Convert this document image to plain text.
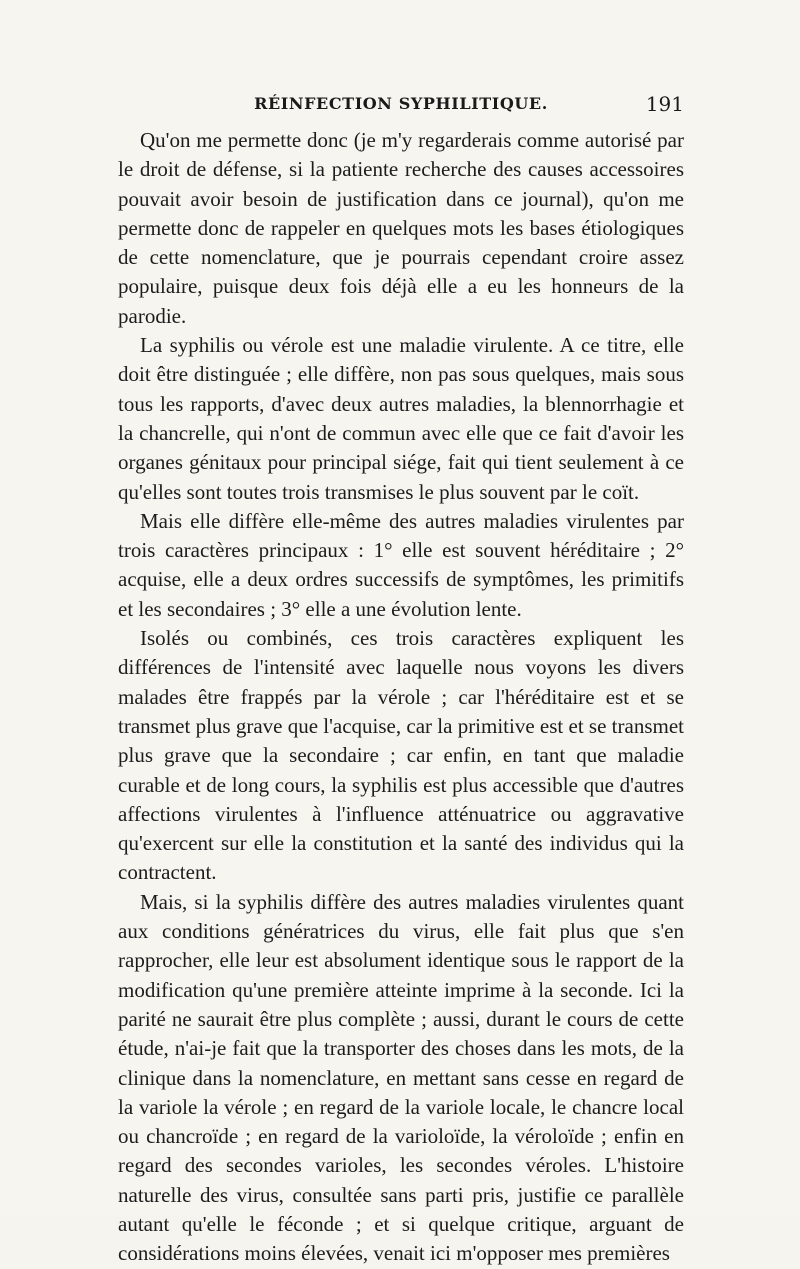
RÉINFECTION SYPHILITIQUE.	191

Qu'on me permette donc (je m'y regarderais comme autorisé par le droit de défense, si la patiente recherche des causes accessoires pouvait avoir besoin de justification dans ce journal), qu'on me permette donc de rappeler en quelques mots les bases étiologiques de cette nomenclature, que je pourrais cependant croire assez populaire, puisque deux fois déjà elle a eu les honneurs de la parodie.

La syphilis ou vérole est une maladie virulente. A ce titre, elle doit être distinguée ; elle diffère, non pas sous quelques, mais sous tous les rapports, d'avec deux autres maladies, la blennorrhagie et la chancrelle, qui n'ont de commun avec elle que ce fait d'avoir les organes génitaux pour principal siége, fait qui tient seulement à ce qu'elles sont toutes trois transmises le plus souvent par le coït.

Mais elle diffère elle-même des autres maladies virulentes par trois caractères principaux : 1° elle est souvent héréditaire ; 2° acquise, elle a deux ordres successifs de symptômes, les primitifs et les secondaires ; 3° elle a une évolution lente.

Isolés ou combinés, ces trois caractères expliquent les différences de l'intensité avec laquelle nous voyons les divers malades être frappés par la vérole ; car l'héréditaire est et se transmet plus grave que l'acquise, car la primitive est et se transmet plus grave que la secondaire ; car enfin, en tant que maladie curable et de long cours, la syphilis est plus accessible que d'autres affections virulentes à l'influence atténuatrice ou aggravative qu'exercent sur elle la constitution et la santé des individus qui la contractent.

Mais, si la syphilis diffère des autres maladies virulentes quant aux conditions génératrices du virus, elle fait plus que s'en rapprocher, elle leur est absolument identique sous le rapport de la modification qu'une première atteinte imprime à la seconde. Ici la parité ne saurait être plus complète ; aussi, durant le cours de cette étude, n'ai-je fait que la transporter des choses dans les mots, de la clinique dans la nomenclature, en mettant sans cesse en regard de la variole la vérole ; en regard de la variole locale, le chancre local ou chancroïde ; en regard de la varioloïde, la véroloïde ; enfin en regard des secondes varioles, les secondes véroles. L'histoire naturelle des virus, consultée sans parti pris, justifie ce parallèle autant qu'elle le féconde ; et si quelque critique, arguant de considérations moins élevées, venait ici m'opposer mes premières
